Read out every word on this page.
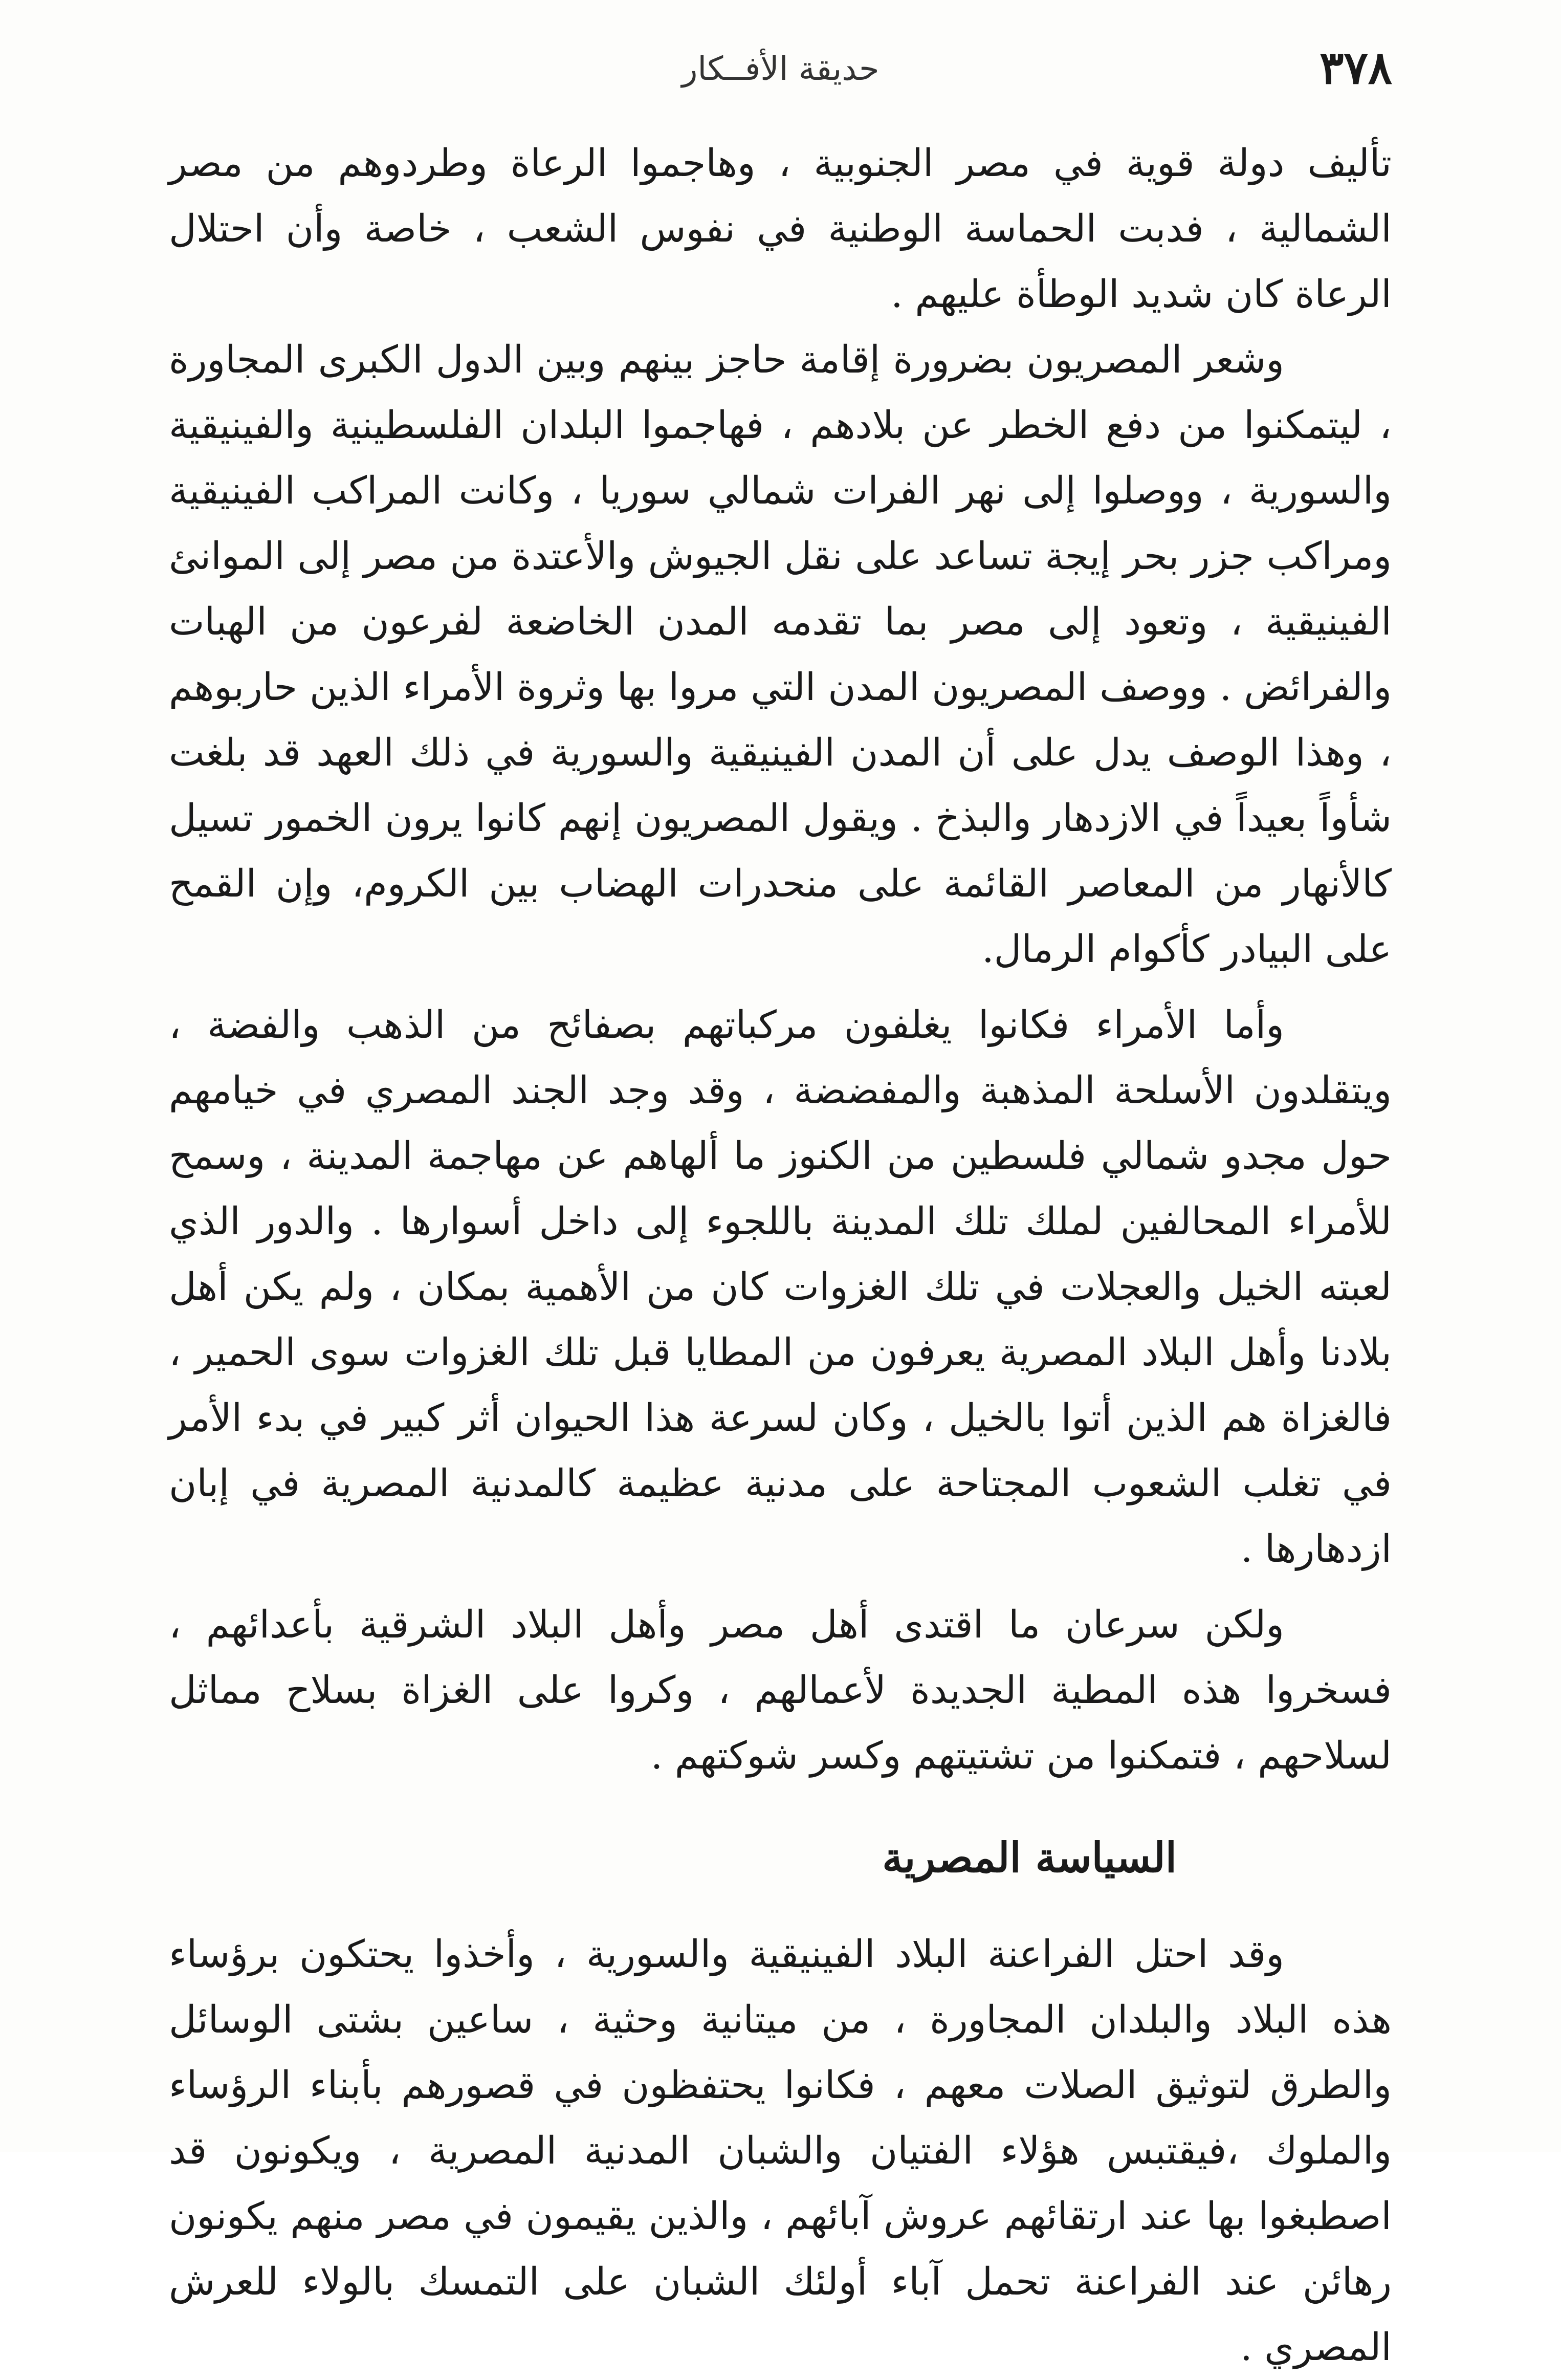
٣٧٨
حديقة الأفــكار

تأليف دولة قوية في مصر الجنوبية ، وهاجموا الرعاة وطردوهم من مصر الشمالية ، فدبت الحماسة الوطنية في نفوس الشعب ، خاصة وأن احتلال الرعاة كان شديد الوطأة عليهم .

وشعر المصريون بضرورة إقامة حاجز بينهم وبين الدول الكبرى المجاورة ، ليتمكنوا من دفع الخطر عن بلادهم ، فهاجموا البلدان الفلسطينية والفينيقية والسورية ، ووصلوا إلى نهر الفرات شمالي سوريا ، وكانت المراكب الفينيقية ومراكب جزر بحر إيجة تساعد على نقل الجيوش والأعتدة من مصر إلى الموانئ الفينيقية ، وتعود إلى مصر بما تقدمه المدن الخاضعة لفرعون من الهبات والفرائض . ووصف المصريون المدن التي مروا بها وثروة الأمراء الذين حاربوهم ، وهذا الوصف يدل على أن المدن الفينيقية والسورية في ذلك العهد قد بلغت شأواً بعيداً في الازدهار والبذخ . ويقول المصريون إنهم كانوا يرون الخمور تسيل كالأنهار من المعاصر القائمة على منحدرات الهضاب بين الكروم، وإن القمح على البيادر كأكوام الرمال.

وأما الأمراء فكانوا يغلفون مركباتهم بصفائح من الذهب والفضة ، ويتقلدون الأسلحة المذهبة والمفضضة ، وقد وجد الجند المصري في خيامهم حول مجدو شمالي فلسطين من الكنوز ما ألهاهم عن مهاجمة المدينة ، وسمح للأمراء المحالفين لملك تلك المدينة باللجوء إلى داخل أسوارها . والدور الذي لعبته الخيل والعجلات في تلك الغزوات كان من الأهمية بمكان ، ولم يكن أهل بلادنا وأهل البلاد المصرية يعرفون من المطايا قبل تلك الغزوات سوى الحمير ، فالغزاة هم الذين أتوا بالخيل ، وكان لسرعة هذا الحيوان أثر كبير في بدء الأمر في تغلب الشعوب المجتاحة على مدنية عظيمة كالمدنية المصرية في إبان ازدهارها .

ولكن سرعان ما اقتدى أهل مصر وأهل البلاد الشرقية بأعدائهم ، فسخروا هذه المطية الجديدة لأعمالهم ، وكروا على الغزاة بسلاح مماثل لسلاحهم ، فتمكنوا من تشتيتهم وكسر شوكتهم .

السياسة المصرية

وقد احتل الفراعنة البلاد الفينيقية والسورية ، وأخذوا يحتكون برؤساء هذه البلاد والبلدان المجاورة ، من ميتانية وحثية ، ساعين بشتى الوسائل والطرق لتوثيق الصلات معهم ، فكانوا يحتفظون في قصورهم بأبناء الرؤساء والملوك ،فيقتبس هؤلاء الفتيان والشبان المدنية المصرية ، ويكونون قد اصطبغوا بها عند ارتقائهم عروش آبائهم ، والذين يقيمون في مصر منهم يكونون رهائن عند الفراعنة تحمل آباء أولئك الشبان على التمسك بالولاء للعرش المصري .
